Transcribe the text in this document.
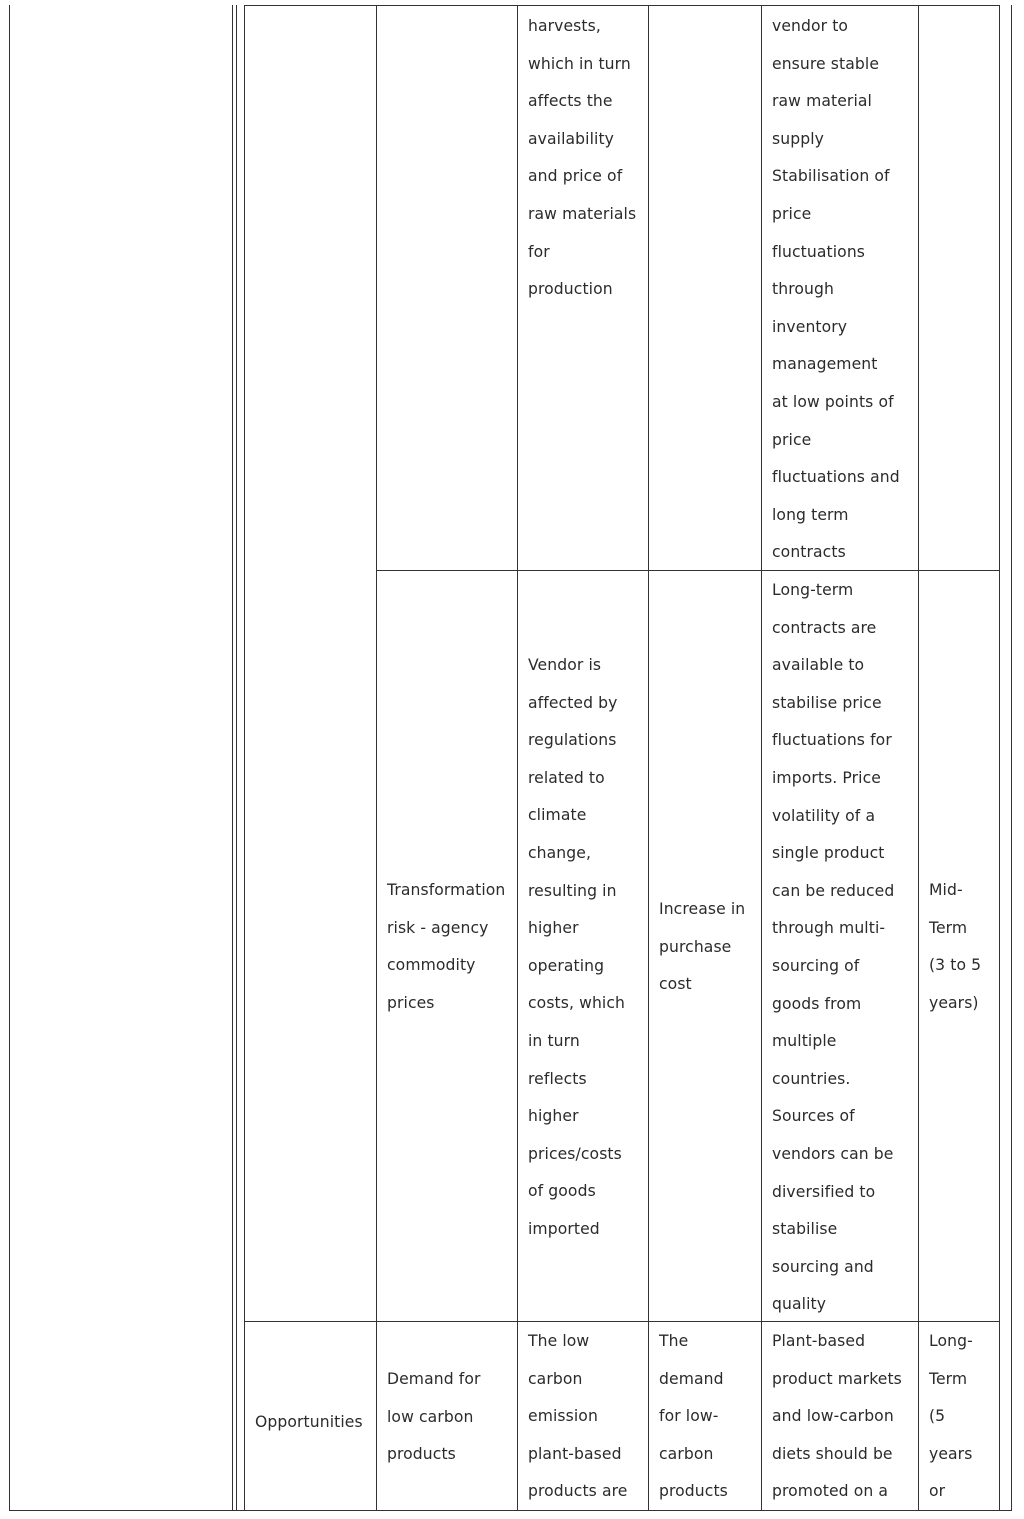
harvests,
which in turn
affects the
availability
and price of
raw materials
for
production
vendor to
ensure stable
raw material
supply
Stabilisation of
price
fluctuations
through
inventory
management
at low points of
price
fluctuations and
long term
contracts
Transformation
risk - agency
commodity
prices
Vendor is
affected by
regulations
related to
climate
change,
resulting in
higher
operating
costs, which
in turn
reflects
higher
prices/costs
of goods
imported
Increase in
purchase
cost
Long-term
contracts are
available to
stabilise price
fluctuations for
imports. Price
volatility of a
single product
can be reduced
through multi-
sourcing of
goods from
multiple
countries.
Sources of
vendors can be
diversified to
stabilise
sourcing and
quality
Mid-
Term
(3 to 5
years)
Opportunities
Demand for
low carbon
products
The low
carbon
emission
plant-based
products are
The
demand
for low-
carbon
products
Plant-based
product markets
and low-carbon
diets should be
promoted on a
Long-
Term
(5
years
or
